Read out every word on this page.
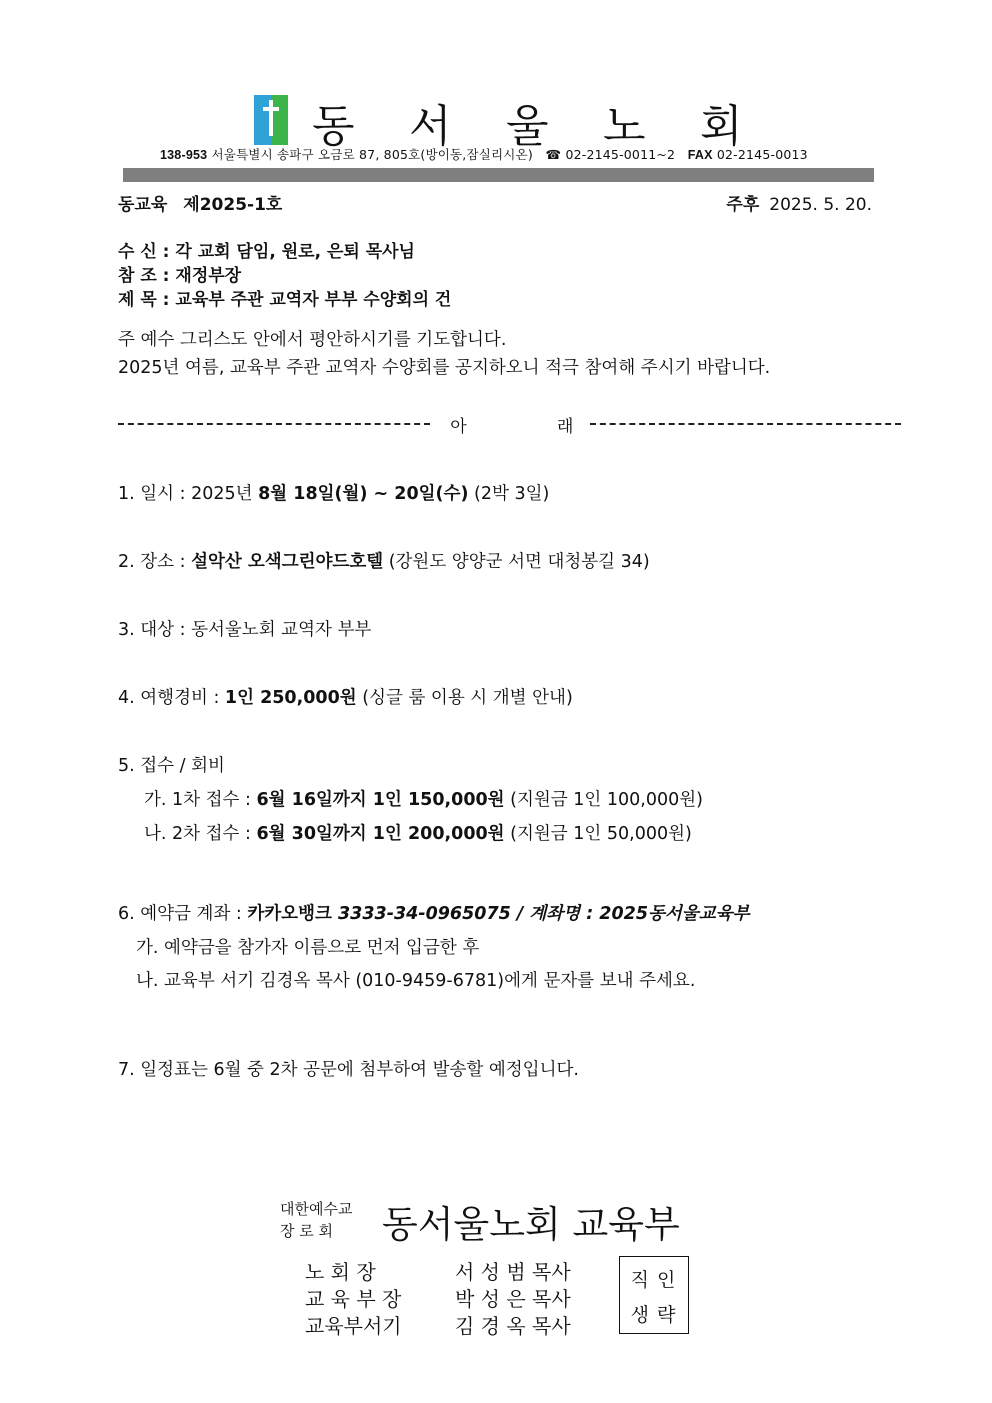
동 서 울 노 회
138-953 서울특별시 송파구 오금로 87, 805호(방이동,잠실리시온) ☎ 02-2145-0011~2 FAX 02-2145-0013
동교육 제2025-1호	주후 2025. 5. 20.
수 신 : 각 교회 담임, 원로, 은퇴 목사님
참 조 : 재정부장
제 목 : 교육부 주관 교역자 부부 수양회의 건
주 예수 그리스도 안에서 평안하시기를 기도합니다.
2025년 여름, 교육부 주관 교역자 수양회를 공지하오니 적극 참여해 주시기 바랍니다.
아	래
1. 일시 : 2025년 8월 18일(월) ~ 20일(수) (2박 3일)
2. 장소 : 설악산 오색그린야드호텔 (강원도 양양군 서면 대청봉길 34)
3. 대상 : 동서울노회 교역자 부부
4. 여행경비 : 1인 250,000원 (싱글 룸 이용 시 개별 안내)
5. 접수 / 회비
가. 1차 접수 : 6월 16일까지 1인 150,000원 (지원금 1인 100,000원)
나. 2차 접수 : 6월 30일까지 1인 200,000원 (지원금 1인 50,000원)
6. 예약금 계좌 : 카카오뱅크 3333-34-0965075 / 계좌명 : 2025동서울교육부
가. 예약금을 참가자 이름으로 먼저 입금한 후
나. 교육부 서기 김경옥 목사 (010-9459-6781)에게 문자를 보내 주세요.
7. 일정표는 6월 중 2차 공문에 첨부하여 발송할 예정입니다.
대한예수교
장 로 회	동서울노회 교육부
노 회 장	서 성 범 목사
교 육 부 장	박 성 은 목사
교육부서기	김 경 옥 목사
직인
생략
